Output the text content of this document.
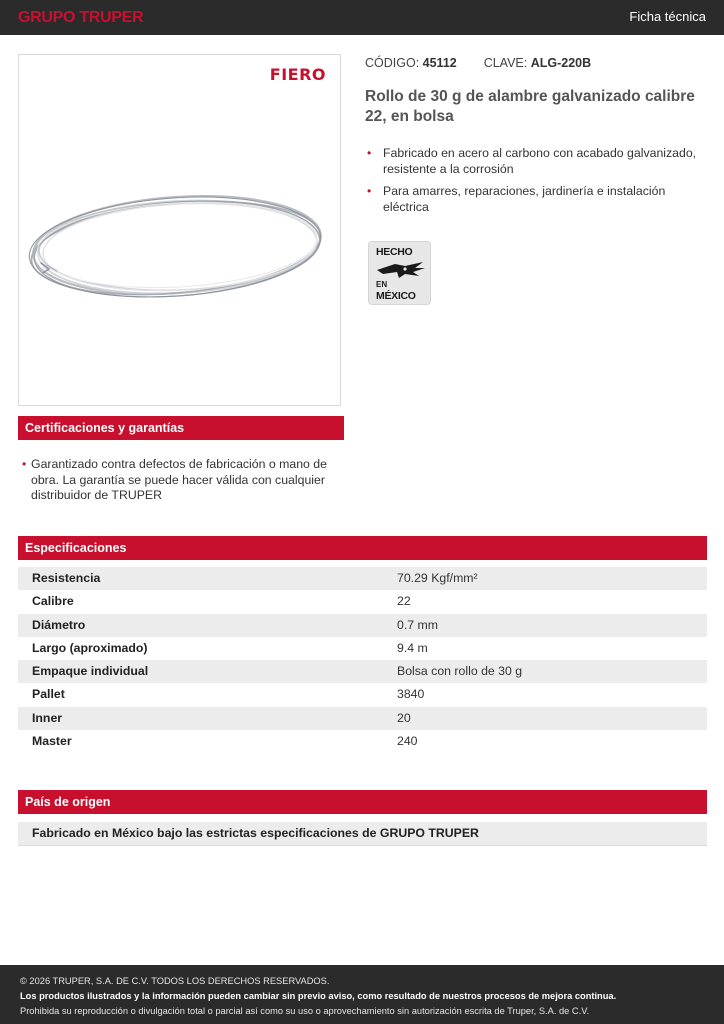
GRUPO TRUPER	Ficha técnica
FIERO
CÓDIGO: 45112 CLAVE: ALG-220B
Rollo de 30 g de alambre galvanizado calibre 22, en bolsa
• Fabricado en acero al carbono con acabado galvanizado, resistente a la corrosión
• Para amarres, reparaciones, jardinería e instalación eléctrica
HECHO
EN
MÉXICO
Certificaciones y garantías
• Garantizado contra defectos de fabricación o mano de obra. La garantía se puede hacer válida con cualquier distribuidor de TRUPER
Especificaciones
Resistencia	70.29 Kgf/mm²
Calibre	22
Diámetro	0.7 mm
Largo (aproximado)	9.4 m
Empaque individual	Bolsa con rollo de 30 g
Pallet	3840
Inner	20
Master	240
País de origen
Fabricado en México bajo las estrictas especificaciones de GRUPO TRUPER
© 2026 TRUPER, S.A. DE C.V. TODOS LOS DERECHOS RESERVADOS.
Los productos ilustrados y la información pueden cambiar sin previo aviso, como resultado de nuestros procesos de mejora continua.
Prohibida su reproducción o divulgación total o parcial así como su uso o aprovechamiento sin autorización escrita de Truper, S.A. de C.V.
